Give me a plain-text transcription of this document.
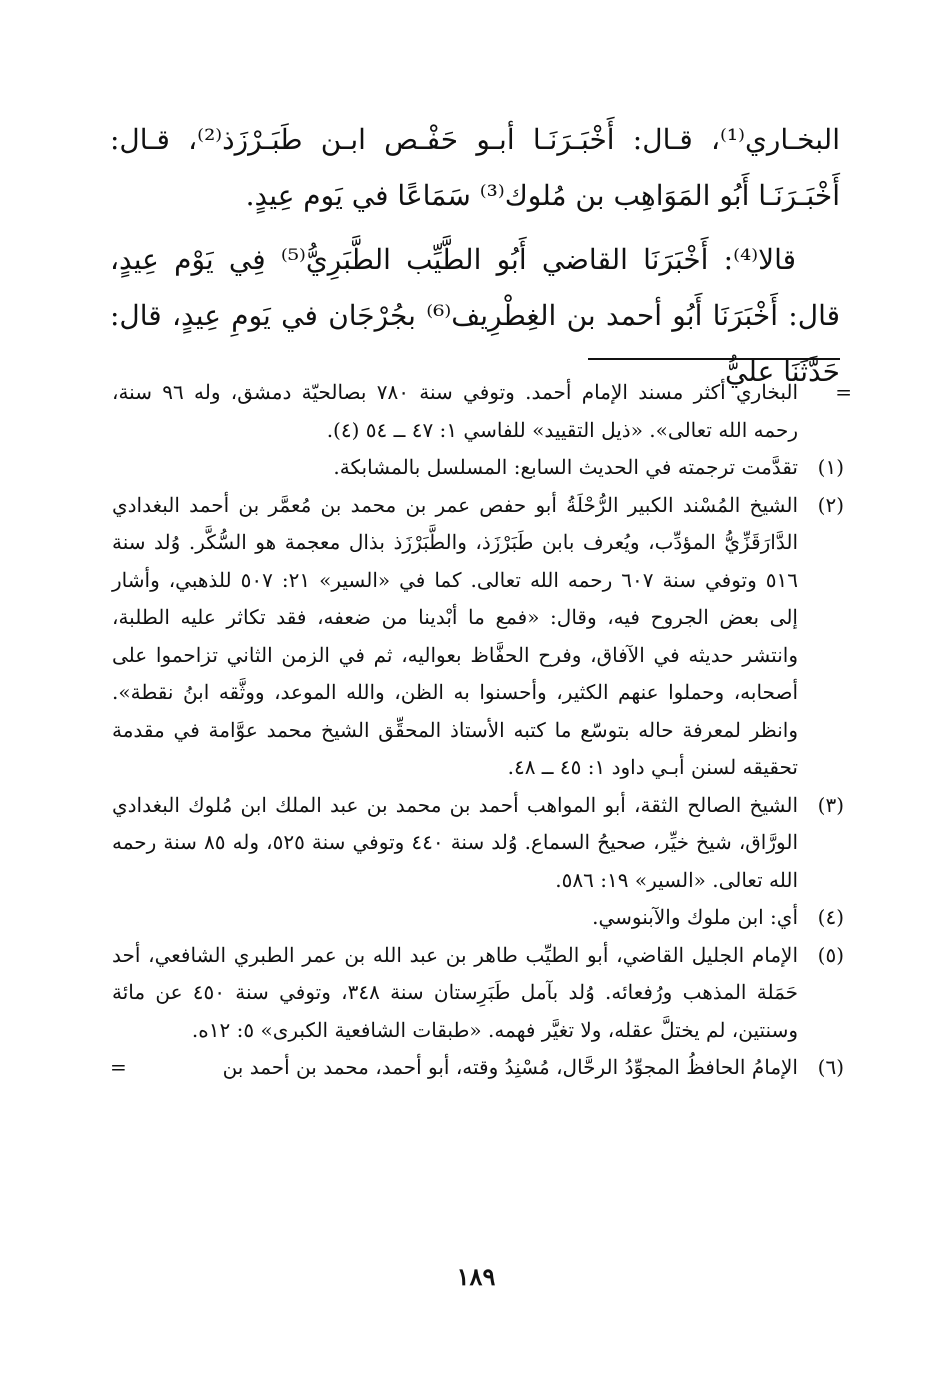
البخـاري⁽¹⁾، قـال: أَخْبَـرَنَـا أبـو حَفْـص ابـن طَبَـرْزَذ⁽²⁾، قـال: أَخْبَـرَنَـا أَبُو المَوَاهِب بن مُلوك⁽³⁾ سَمَاعًا في يَوم عِيدٍ.

قالا⁽⁴⁾: أَخْبَرَنَا القاضي أَبُو الطَّيِّب الطَّبَرِيُّ⁽⁵⁾ فِي يَوْم عِيدٍ، قال: أَخْبَرَنَا أَبُو أحمد بن الغِطْرِيف⁽⁶⁾ بجُرْجَان في يَومِ عِيدٍ، قال: حَدَّثَنَا عليُّ

=
البخاري أكثر مسند الإمام أحمد. وتوفي سنة ٧٨٠ بصالحيّة دمشق، وله ٩٦ سنة، رحمه الله تعالى». «ذيل التقييد» للفاسي ١: ٤٧ ــ ٥٤ (٤).
(١)
تقدَّمت ترجمته في الحديث السابع: المسلسل بالمشابكة.
(٢)
الشيخ المُسْند الكبير الرُّحْلَةُ أبو حفص عمر بن محمد بن مُعمَّر بن أحمد البغدادي الدَّارَقَزِّيُّ المؤدِّب، ويُعرف بابن طَبَرْزَذ، والطَّبَرْزَذ بذال معجمة هو السُّكَّر. وُلد سنة ٥١٦ وتوفي سنة ٦٠٧ رحمه الله تعالى. كما في «السير» ٢١: ٥٠٧ للذهبي، وأشار إلى بعض الجروح فيه، وقال: «فمع ما أبْدينا من ضعفه، فقد تكاثر عليه الطلبة، وانتشر حديثه في الآفاق، وفرح الحفَّاظ بعواليه، ثم في الزمن الثاني تزاحموا على أصحابه، وحملوا عنهم الكثير، وأحسنوا به الظن، والله الموعد، ووثَّقه ابنُ نقطة». وانظر لمعرفة حاله بتوسّع ما كتبه الأستاذ المحقِّق الشيخ محمد عوَّامة في مقدمة تحقيقه لسنن أبـي داود ١: ٤٥ ــ ٤٨.
(٣)
الشيخ الصالح الثقة، أبو المواهب أحمد بن محمد بن عبد الملك ابن مُلوك البغدادي الورَّاق، شيخ خيِّر، صحيحُ السماع. وُلد سنة ٤٤٠ وتوفي سنة ٥٢٥، وله ٨٥ سنة رحمه الله تعالى. «السير» ١٩: ٥٨٦.
(٤)
أي: ابن ملوك والآبنوسي.
(٥)
الإمام الجليل القاضي، أبو الطيِّب طاهر بن عبد الله بن عمر الطبري الشافعي، أحد حَمَلة المذهب ورُفعائه. وُلد بآمل طَبَرِستان سنة ٣٤٨، وتوفي سنة ٤٥٠ عن مائة وسنتين، لم يختلَّ عقله، ولا تغيَّر فهمه. «طبقات الشافعية الكبرى» ٥: ١٢ه.
(٦)
الإمامُ الحافظُ المجوِّدُ الرحَّال، مُسْنِدُ وقته، أبو أحمد، محمد بن أحمد بن
=
١٨٩
